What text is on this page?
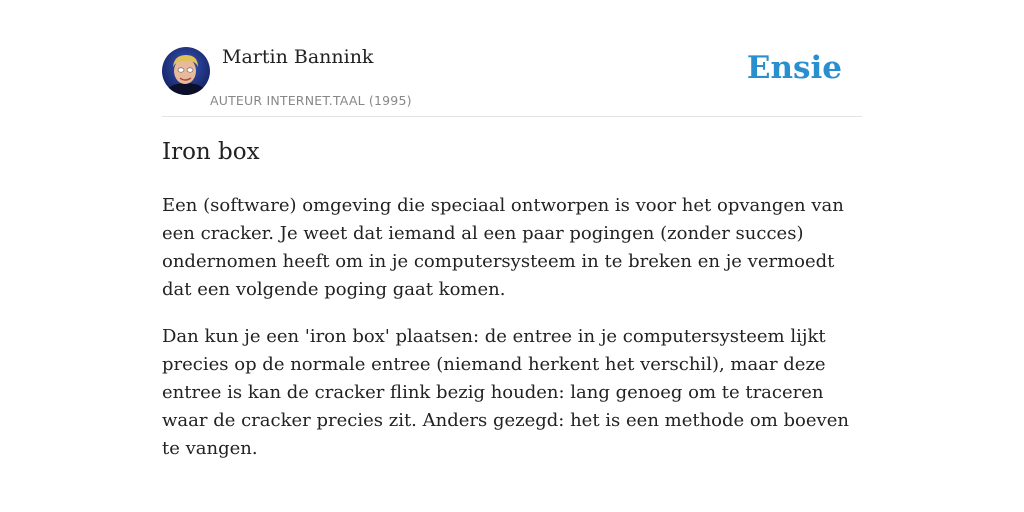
Martin Bannink
AUTEUR INTERNET.TAAL (1995)
Ensie
Iron box

Een (software) omgeving die speciaal ontworpen is voor het opvangen van een cracker. Je weet dat iemand al een paar pogingen (zonder succes) ondernomen heeft om in je computersysteem in te breken en je vermoedt dat een volgende poging gaat komen.

Dan kun je een 'iron box' plaatsen: de entree in je computersysteem lijkt precies op de normale entree (niemand herkent het verschil), maar deze entree is kan de cracker flink bezig houden: lang genoeg om te traceren waar de cracker precies zit. Anders gezegd: het is een methode om boeven te vangen.
